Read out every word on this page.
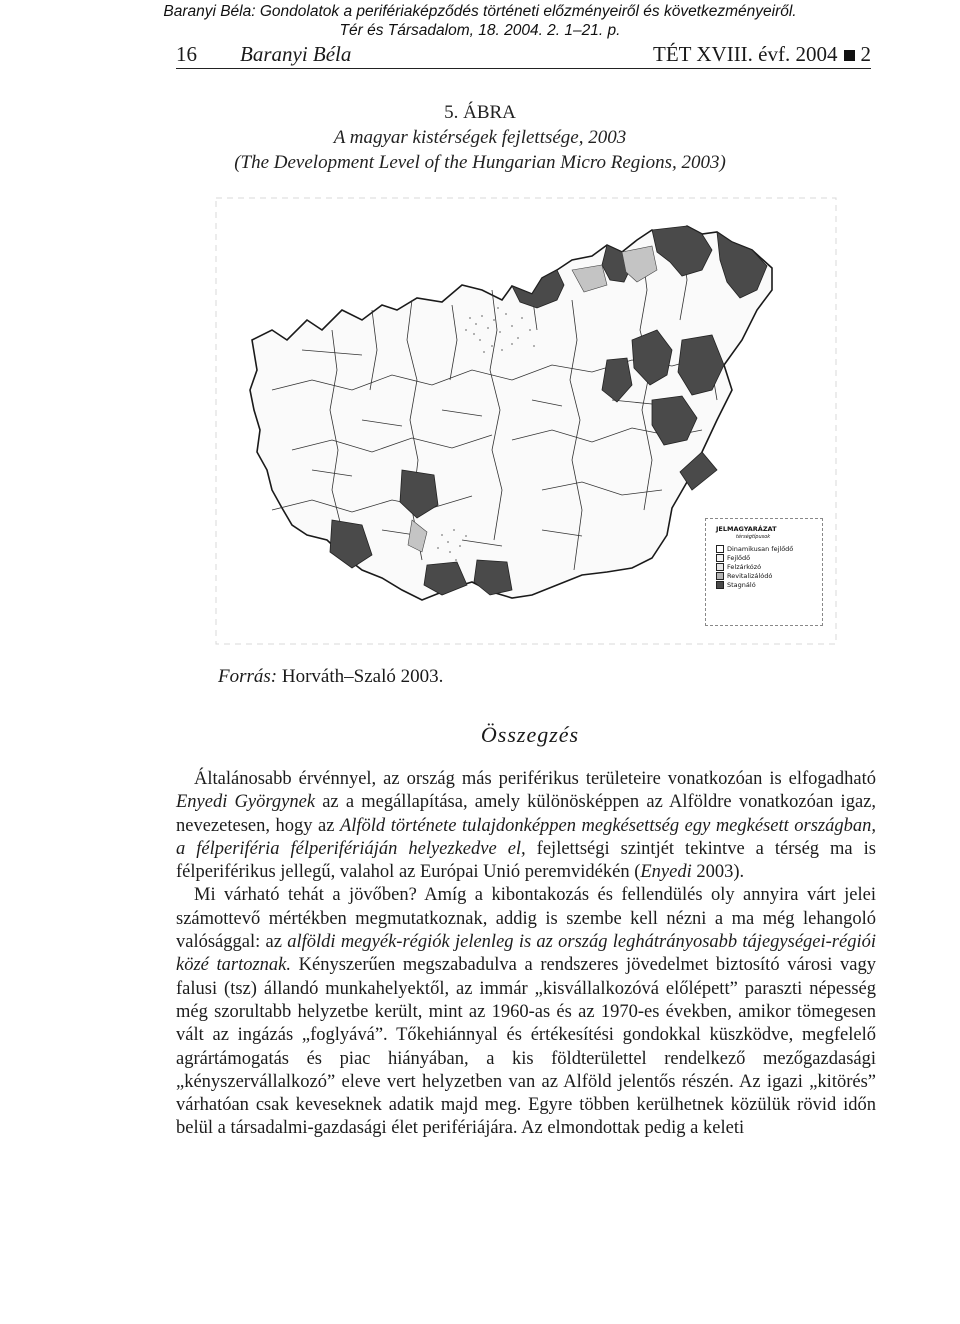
Baranyi Béla: Gondolatok a perifériaképződés történeti előzményeiről és következményeiről.
Tér és Társadalom, 18. 2004. 2. 1–21. p.
16 Baranyi Béla	TÉT XVIII. évf. 2004 2
5. ÁBRA
A magyar kistérségek fejlettsége, 2003
(The Development Level of the Hungarian Micro Regions, 2003)
JELMAGYARÁZAT
térségtípusok
Dinamikusan fejlődő
Fejlődő
Felzárkózó
Revitalizálódó
Stagnáló
Forrás: Horváth–Szaló 2003.
Összegzés

Általánosabb érvénnyel, az ország más periférikus területeire vonatkozóan is elfogadható Enyedi Györgynek az a megállapítása, amely különösképpen az Alföldre vonatkozóan igaz, nevezetesen, hogy az Alföld története tulajdonképpen megkésettség egy megkésett országban, a félperiféria félperifériáján helyezkedve el, fejlettségi szintjét tekintve a térség ma is félperiférikus jellegű, valahol az Európai Unió peremvidékén (Enyedi 2003).

Mi várható tehát a jövőben? Amíg a kibontakozás és fellendülés oly annyira várt jelei számottevő mértékben megmutatkoznak, addig is szembe kell nézni a ma még lehangoló valósággal: az alföldi megyék-régiók jelenleg is az ország leghátrányosabb tájegységei-régiói közé tartoznak. Kényszerűen megszabadulva a rendszeres jövedelmet biztosító városi vagy falusi (tsz) állandó munkahelyektől, az immár „kisvállalkozóvá előlépett” paraszti népesség még szorultabb helyzetbe került, mint az 1960-as és az 1970-es években, amikor tömegesen vált az ingázás „foglyává”. Tőkehiánnyal és értékesítési gondokkal küszködve, megfelelő agrártámogatás és piac hiányában, a kis földterülettel rendelkező mezőgazdasági „kényszervállalkozó” eleve vert helyzetben van az Alföld jelentős részén. Az igazi „kitörés” várhatóan csak keveseknek adatik majd meg. Egyre többen kerülhetnek közülük rövid időn belül a társadalmi-gazdasági élet perifériájára. Az elmondottak pedig a keleti
